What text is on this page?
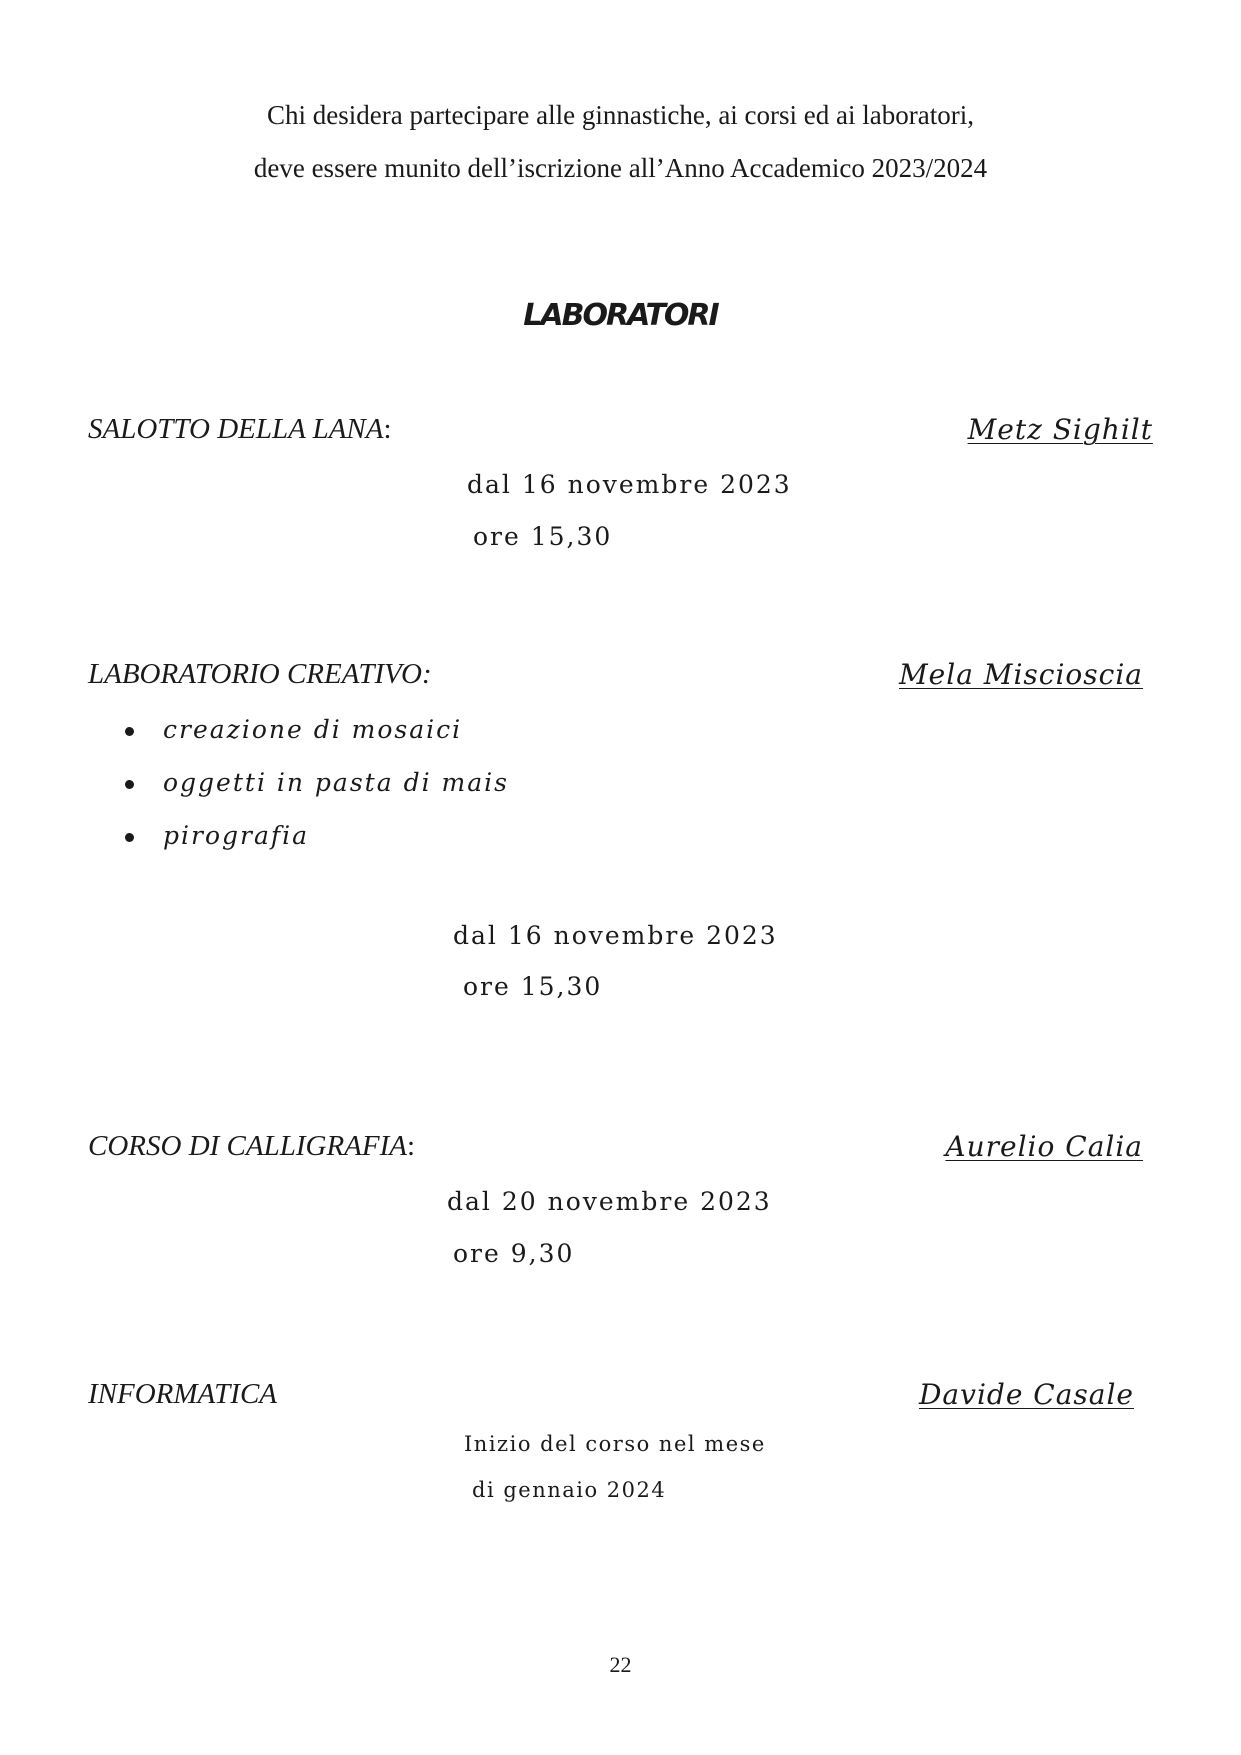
Chi desidera partecipare alle ginnastiche, ai corsi ed ai laboratori,
deve essere munito dell’iscrizione all’Anno Accademico 2023/2024
LABORATORI
SALOTTO DELLA LANA:	Metz Sighilt
dal 16 novembre 2023
ore 15,30
LABORATORIO CREATIVO:	Mela Miscioscia
creazione di mosaici
oggetti in pasta di mais
pirografia
dal 16 novembre 2023
ore 15,30
CORSO DI CALLIGRAFIA:	Aurelio Calia
dal 20 novembre 2023
ore 9,30
INFORMATICA	Davide Casale
Inizio del corso nel mese
di gennaio 2024
22
